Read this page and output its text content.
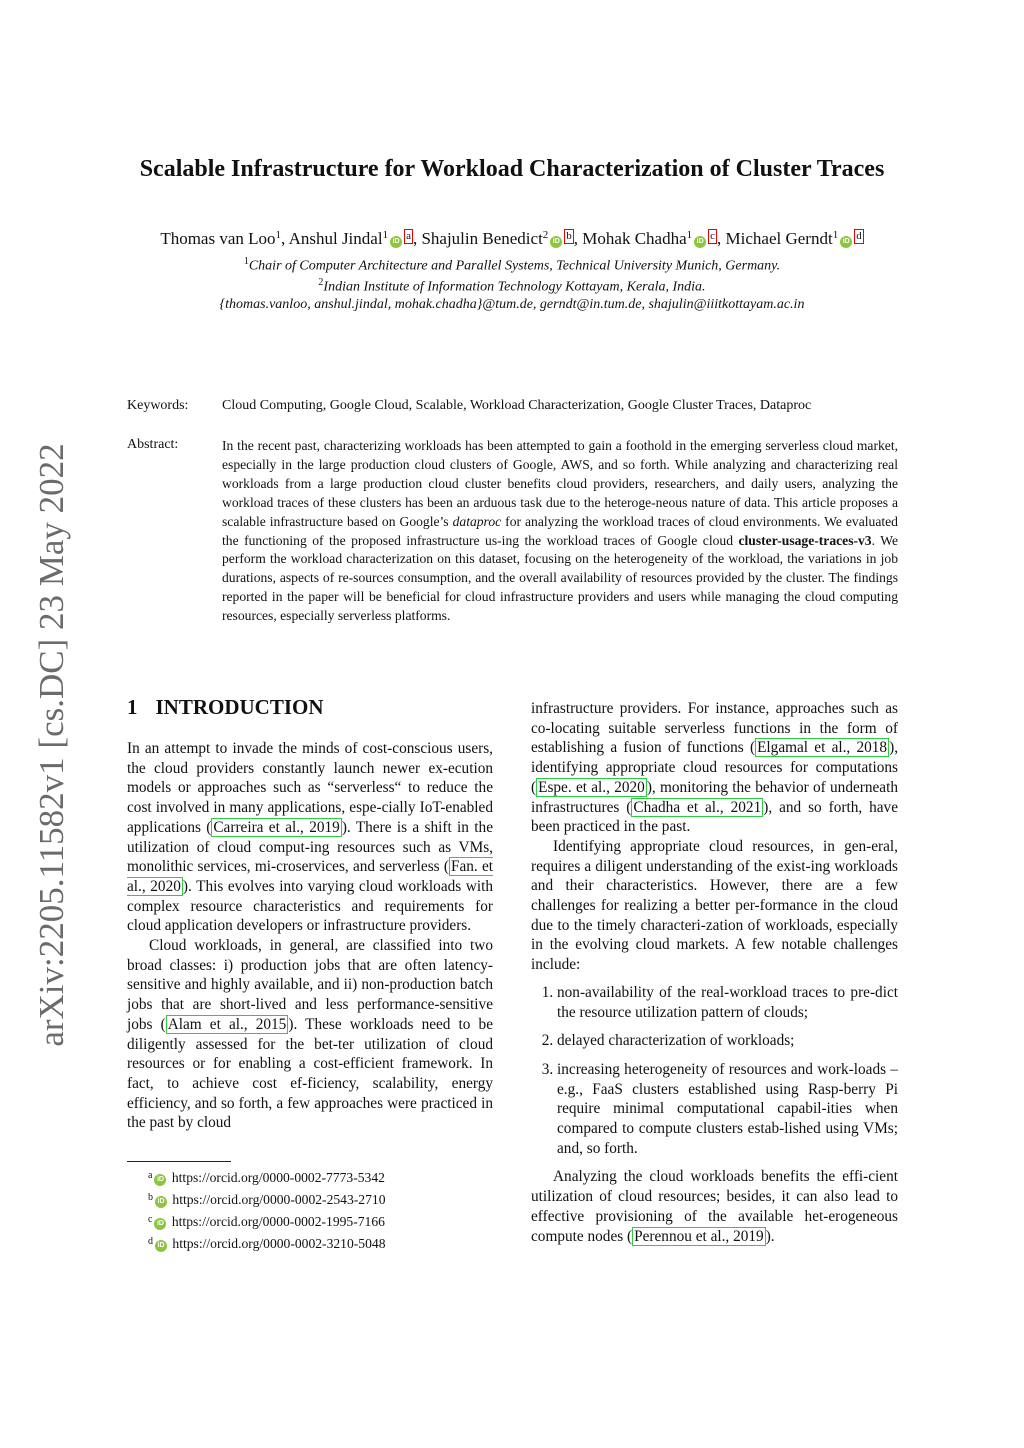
arXiv:2205.11582v1 [cs.DC] 23 May 2022
Scalable Infrastructure for Workload Characterization of Cluster Traces
Thomas van Loo$^1$, Anshul Jindal$^1$iD a , Shajulin Benedict$^2$iD b , Mohak Chadha$^1$iD c , Michael Gerndt$^1$iD d
$^1$Chair of Computer Architecture and Parallel Systems, Technical University Munich, Germany.
$^2$Indian Institute of Information Technology Kottayam, Kerala, India.
{thomas.vanloo, anshul.jindal, mohak.chadha}@tum.de, gerndt@in.tum.de, shajulin@iiitkottayam.ac.in
Keywords: Cloud Computing, Google Cloud, Scalable, Workload Characterization, Google Cluster Traces, Dataproc
Abstract:	In the recent past, characterizing workloads has been attempted to gain a foothold in the emerging serverless cloud market, especially in the large production cloud clusters of Google, AWS, and so forth. While analyzing and characterizing real workloads from a large production cloud cluster benefits cloud providers, researchers, and daily users, analyzing the workload traces of these clusters has been an arduous task due to the heteroge-neous nature of data. This article proposes a scalable infrastructure based on Google’s dataproc for analyzing the workload traces of cloud environments. We evaluated the functioning of the proposed infrastructure us-ing the workload traces of Google cloud cluster-usage-traces-v3. We perform the workload characterization on this dataset, focusing on the heterogeneity of the workload, the variations in job durations, aspects of re-sources consumption, and the overall availability of resources provided by the cluster. The findings reported in the paper will be beneficial for cloud infrastructure providers and users while managing the cloud computing resources, especially serverless platforms.
1 INTRODUCTION

In an attempt to invade the minds of cost-conscious users, the cloud providers constantly launch newer ex-ecution models or approaches such as “serverless“ to reduce the cost involved in many applications, espe-cially IoT-enabled applications ( Carreira et al., 2019 ). There is a shift in the utilization of cloud comput-ing resources such as VMs, monolithic services, mi-croservices, and serverless ( Fan. et al., 2020 ). This evolves into varying cloud workloads with complex resource characteristics and requirements for cloud application developers or infrastructure providers.

Cloud workloads, in general, are classified into two broad classes: i) production jobs that are often latency-sensitive and highly available, and ii) non-production batch jobs that are short-lived and less performance-sensitive jobs ( Alam et al., 2015 ). These workloads need to be diligently assessed for the bet-ter utilization of cloud resources or for enabling a cost-efficient framework. In fact, to achieve cost ef-ficiency, scalability, energy efficiency, and so forth, a few approaches were practiced in the past by cloud

infrastructure providers. For instance, approaches such as co-locating suitable serverless functions in the form of establishing a fusion of functions ( Elgamal et al., 2018 ), identifying appropriate cloud resources for computations ( Espe. et al., 2020 ), monitoring the behavior of underneath infrastructures ( Chadha et al., 2021 ), and so forth, have been practiced in the past.

Identifying appropriate cloud resources, in gen-eral, requires a diligent understanding of the exist-ing workloads and their characteristics. However, there are a few challenges for realizing a better per-formance in the cloud due to the timely characteri-zation of workloads, especially in the evolving cloud markets. A few notable challenges include:

1. non-availability of the real-workload traces to pre-dict the resource utilization pattern of clouds;
2. delayed characterization of workloads;
3. increasing heterogeneity of resources and work-loads – e.g., FaaS clusters established using Rasp-berry Pi require minimal computational capabil-ities when compared to compute clusters estab-lished using VMs; and, so forth.

Analyzing the cloud workloads benefits the effi-cient utilization of cloud resources; besides, it can also lead to effective provisioning of the available het-erogeneous compute nodes ( Perennou et al., 2019 ).

$^a$ iD https://orcid.org/0000-0002-7773-5342
$^b$ iD https://orcid.org/0000-0002-2543-2710
$^c$ iD https://orcid.org/0000-0002-1995-7166
$^d$ iD https://orcid.org/0000-0002-3210-5048
